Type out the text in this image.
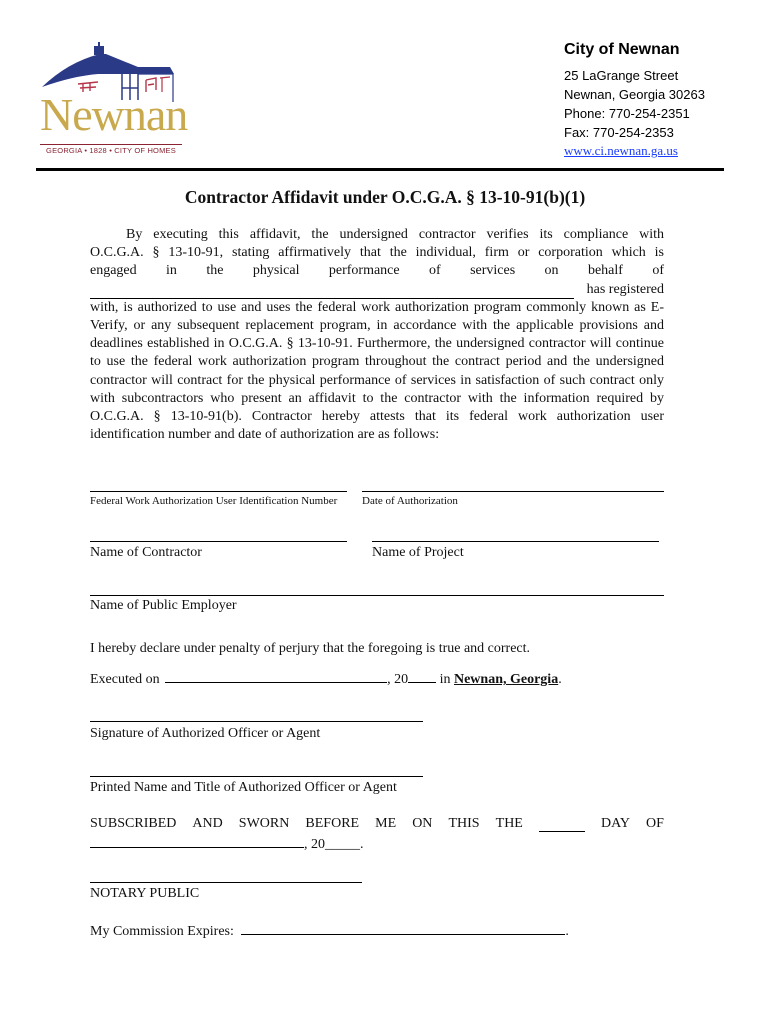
Newnan
GEORGIA • 1828 • CITY OF HOMES
City of Newnan
25 LaGrange Street
Newnan, Georgia 30263
Phone: 770-254-2351
Fax: 770-254-2353
www.ci.newnan.ga.us
Contractor Affidavit under O.C.G.A. § 13-10-91(b)(1)
By executing this affidavit, the undersigned contractor verifies its compliance with
O.C.G.A. § 13-10-91, stating affirmatively that the individual, firm or corporation which is
engaged in the physical performance of services on behalf of
has registered
with, is authorized to use and uses the federal work authorization program commonly known as E-Verify, or any subsequent replacement program, in accordance with the applicable provisions and deadlines established in O.C.G.A. § 13-10-91. Furthermore, the undersigned contractor will continue to use the federal work authorization program throughout the contract period and the undersigned contractor will contract for the physical performance of services in satisfaction of such contract only with subcontractors who present an affidavit to the contractor with the information required by O.C.G.A. § 13-10-91(b). Contractor hereby attests that its federal work authorization user identification number and date of authorization are as follows:
Federal Work Authorization User Identification Number Date of Authorization
Name of Contractor	Name of Project
Name of Public Employer
I hereby declare under penalty of perjury that the foregoing is true and correct.
Executed on	, 20 in Newnan, Georgia.
Signature of Authorized Officer or Agent
Printed Name and Title of Authorized Officer or Agent
SUBSCRIBED AND SWORN BEFORE ME ON THIS THE	DAY OF
, 20_____.
NOTARY PUBLIC
My Commission Expires:	.
